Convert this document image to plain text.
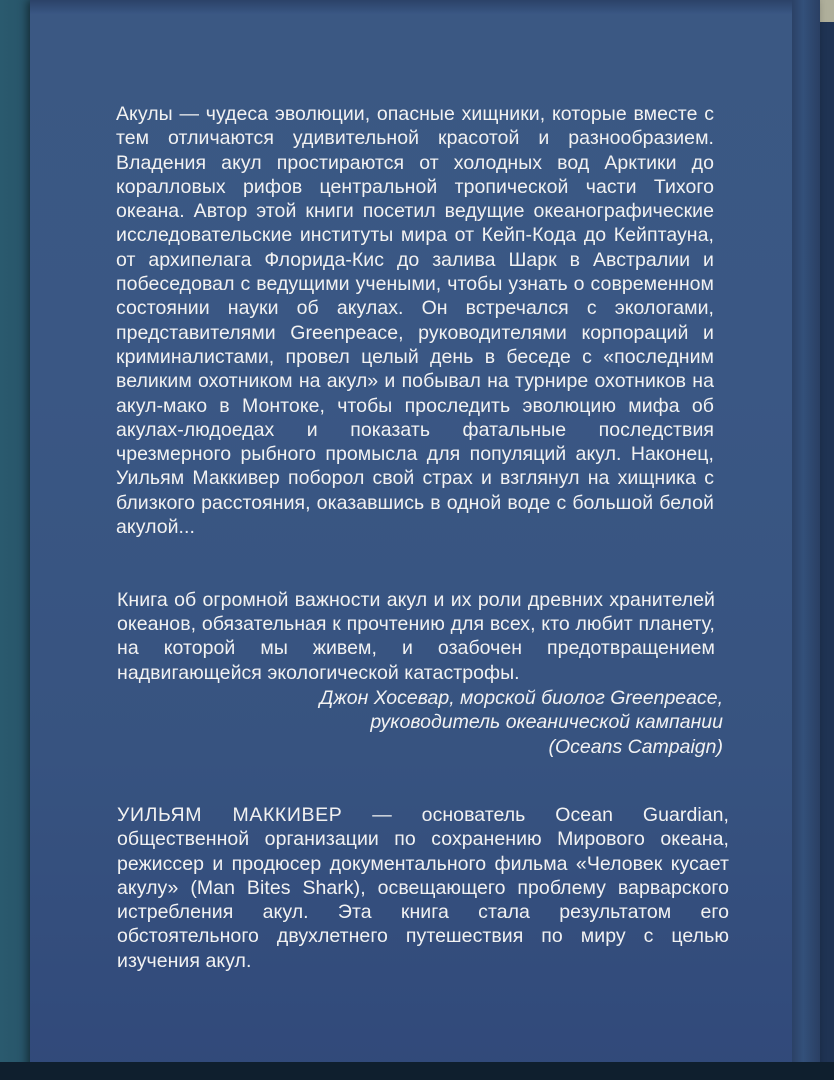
Акулы — чудеса эволюции, опасные хищники, которые вместе с тем отличаются удивительной красотой и разнообразием. Владения акул простираются от холодных вод Арктики до коралловых рифов центральной тропической части Тихого океана. Автор этой книги посетил ведущие океанографические исследовательские институты мира от Кейп-Кода до Кейптауна, от архипелага Флорида-Кис до залива Шарк в Австралии и побеседовал с ведущими учеными, чтобы узнать о современном состоянии науки об акулах. Он встречался с экологами, представителями Greenpeace, руководителями корпораций и криминалистами, провел целый день в беседе с «последним великим охотником на акул» и побывал на турнире охотников на акул-мако в Монтоке, чтобы проследить эволюцию мифа об акулах-людоедах и показать фатальные последствия чрезмерного рыбного промысла для популяций акул. Наконец, Уильям Маккивер поборол свой страх и взглянул на хищника с близкого расстояния, оказавшись в одной воде с большой белой акулой...
Книга об огромной важности акул и их роли древних хранителей океанов, обязательная к прочтению для всех, кто любит планету, на которой мы живем, и озабочен предотвращением надвигающейся экологической катастрофы.
Джон Хосевар, морской биолог Greenpeace,
руководитель океанической кампании
(Oceans Campaign)
УИЛЬЯМ МАККИВЕР — основатель Ocean Guardian, общественной организации по сохранению Мирового океана, режиссер и продюсер документального фильма «Человек кусает акулу» (Man Bites Shark), освещающего проблему варварского истребления акул. Эта книга стала результатом его обстоятельного двухлетнего путешествия по миру с целью изучения акул.
